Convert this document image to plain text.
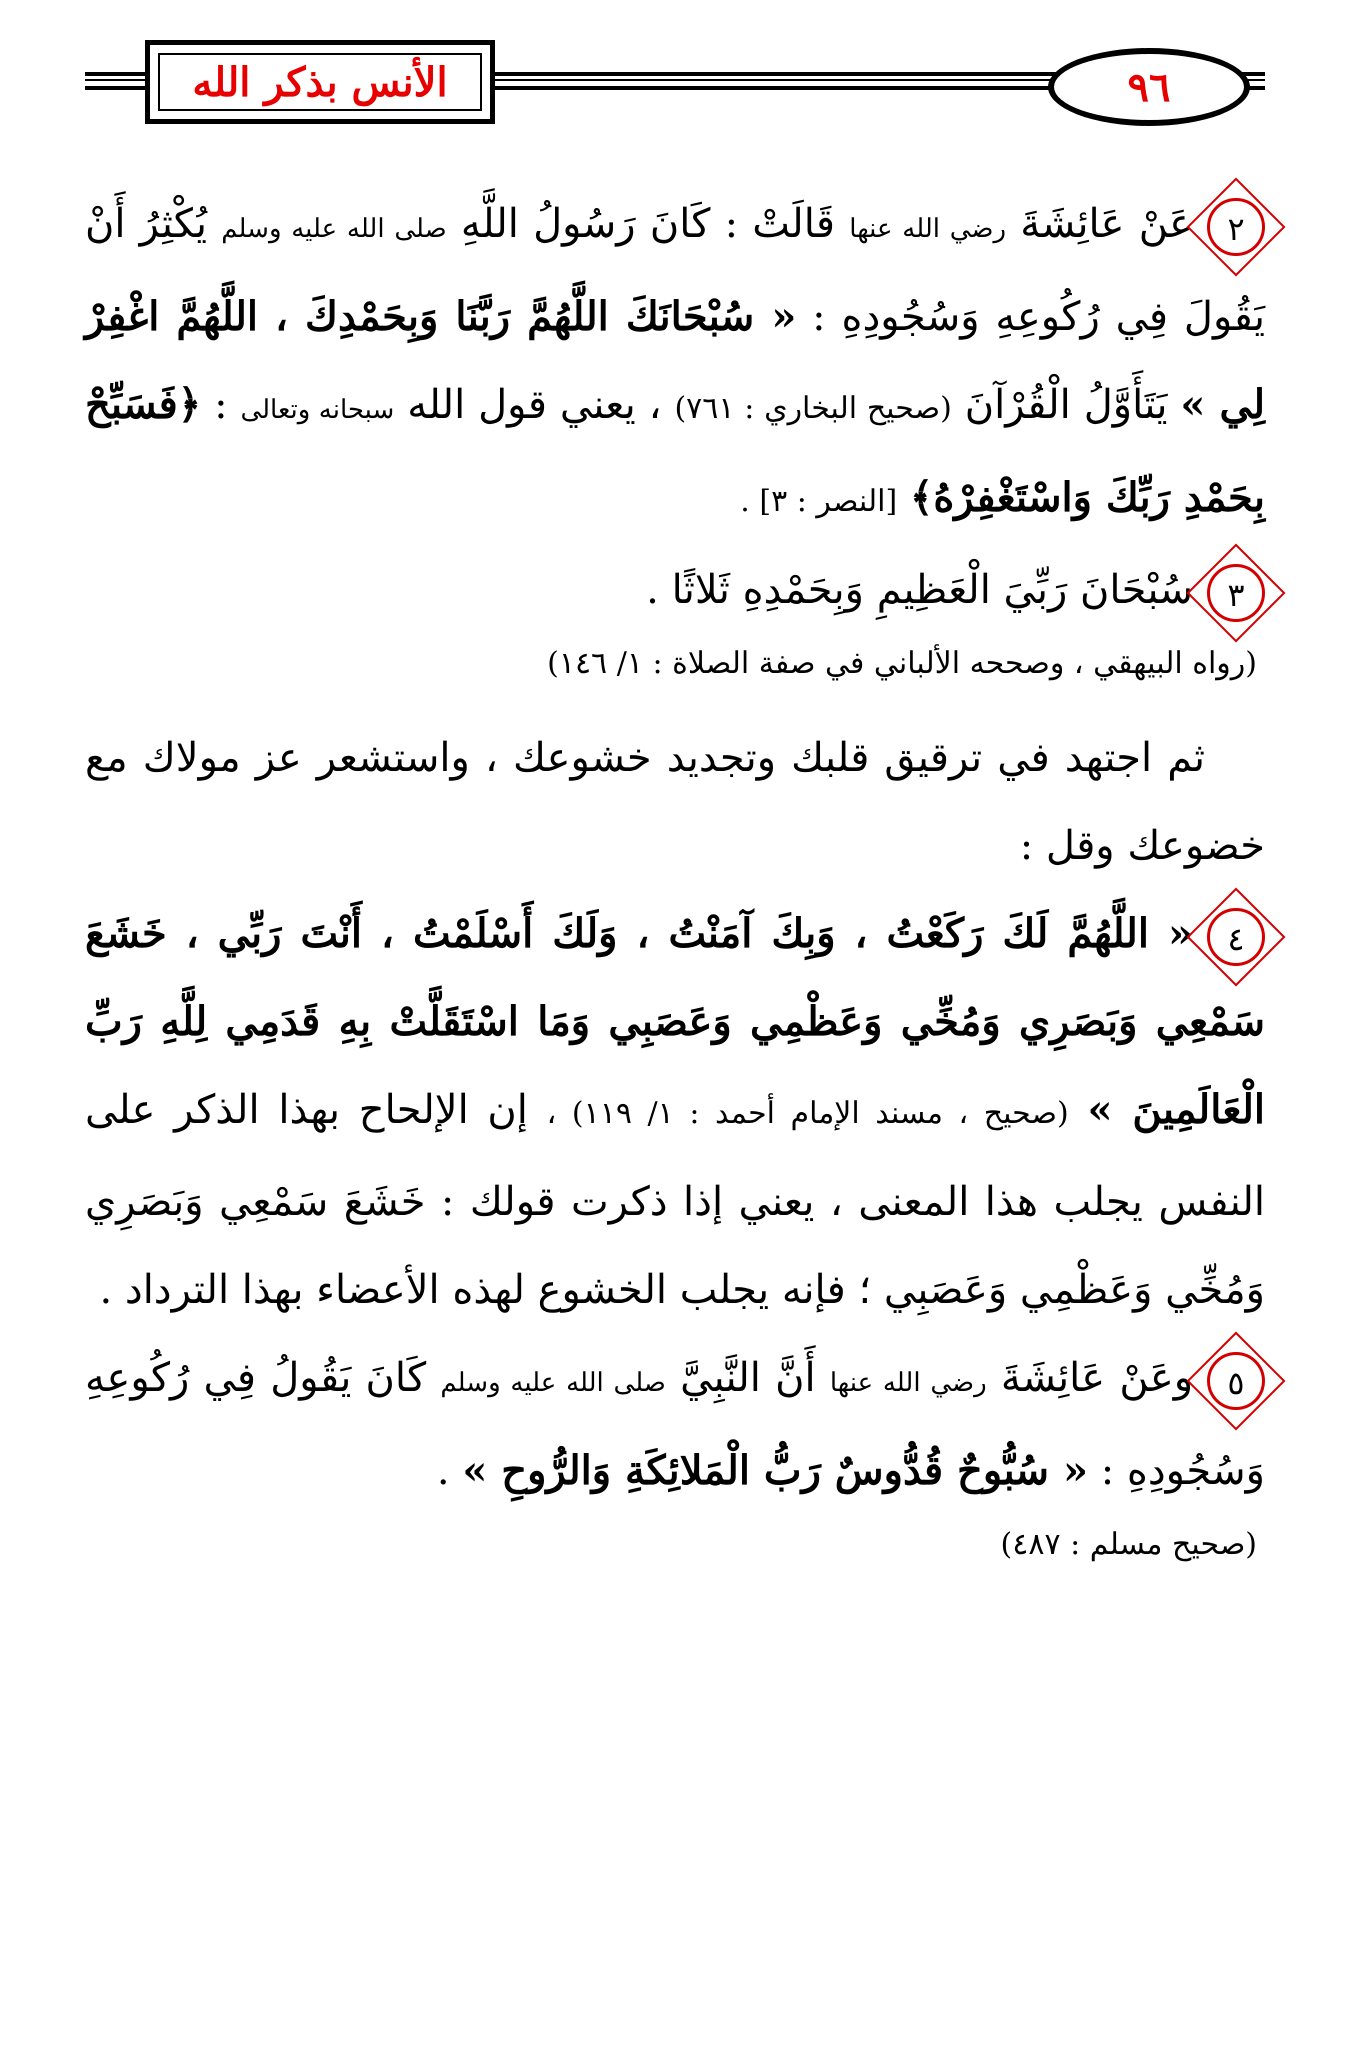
الأنس بذكر الله	٩٦

٢عَنْ عَائِشَةَ رضي الله عنها قَالَتْ : كَانَ رَسُولُ اللَّهِ صلى الله عليه وسلم يُكْثِرُ أَنْ يَقُولَ فِي رُكُوعِهِ وَسُجُودِهِ : « سُبْحَانَكَ اللَّهُمَّ رَبَّنَا وَبِحَمْدِكَ ، اللَّهُمَّ اغْفِرْ لِي » يَتَأَوَّلُ الْقُرْآنَ (صحيح البخاري : ٧٦١) ، يعني قول الله سبحانه وتعالى : ﴿فَسَبِّحْ بِحَمْدِ رَبِّكَ وَاسْتَغْفِرْهُ﴾ [النصر : ٣] .

٣سُبْحَانَ رَبِّيَ الْعَظِيمِ وَبِحَمْدِهِ ثَلاثًا .

(رواه البيهقي ، وصححه الألباني في صفة الصلاة : ١/ ١٤٦)

ثم اجتهد في ترقيق قلبك وتجديد خشوعك ، واستشعر عز مولاك مع خضوعك وقل :

٤« اللَّهُمَّ لَكَ رَكَعْتُ ، وَبِكَ آمَنْتُ ، وَلَكَ أَسْلَمْتُ ، أَنْتَ رَبِّي ، خَشَعَ سَمْعِي وَبَصَرِي وَمُخِّي وَعَظْمِي وَعَصَبِي وَمَا اسْتَقَلَّتْ بِهِ قَدَمِي لِلَّهِ رَبِّ الْعَالَمِينَ » (صحيح ، مسند الإمام أحمد : ١/ ١١٩) ، إن الإلحاح بهذا الذكر على النفس يجلب هذا المعنى ، يعني إذا ذكرت قولك : خَشَعَ سَمْعِي وَبَصَرِي وَمُخِّي وَعَظْمِي وَعَصَبِي ؛ فإنه يجلب الخشوع لهذه الأعضاء بهذا الترداد .

٥وعَنْ عَائِشَةَ رضي الله عنها أَنَّ النَّبِيَّ صلى الله عليه وسلم كَانَ يَقُولُ فِي رُكُوعِهِ وَسُجُودِهِ : « سُبُّوحٌ قُدُّوسٌ رَبُّ الْمَلائِكَةِ وَالرُّوحِ » .

(صحيح مسلم : ٤٨٧)
